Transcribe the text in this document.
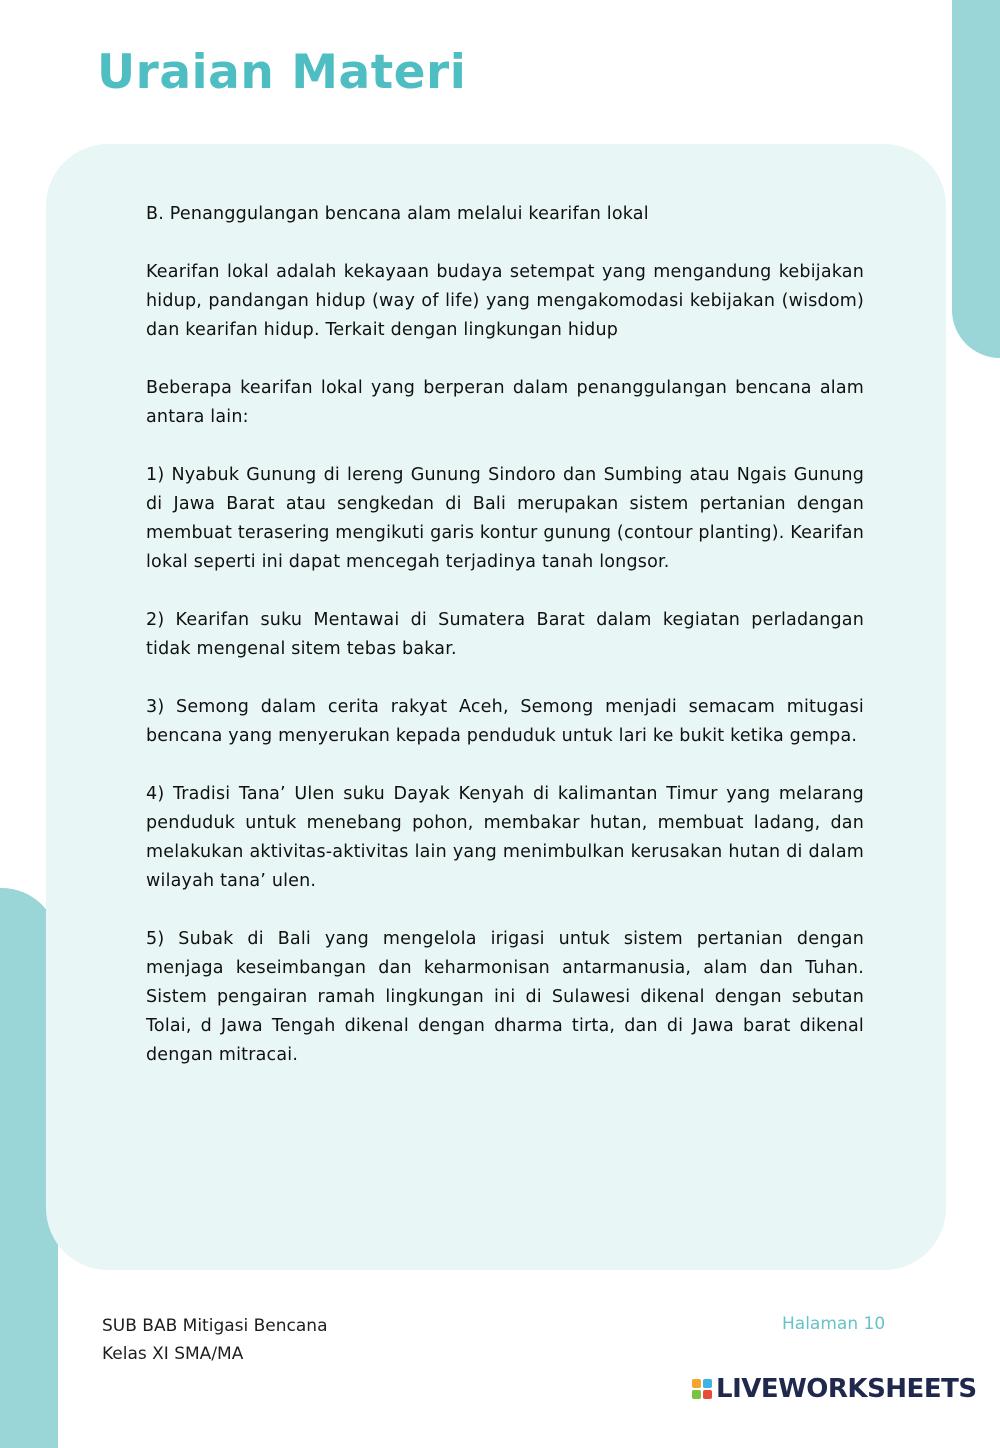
Uraian Materi

B. Penanggulangan bencana alam melalui kearifan lokal

Kearifan lokal adalah kekayaan budaya setempat yang mengandung kebijakan hidup, pandangan hidup (way of life) yang mengakomodasi kebijakan (wisdom) dan kearifan hidup. Terkait dengan lingkungan hidup

Beberapa kearifan lokal yang berperan dalam penanggulangan bencana alam antara lain:

1) Nyabuk Gunung di lereng Gunung Sindoro dan Sumbing atau Ngais Gunung di Jawa Barat atau sengkedan di Bali merupakan sistem pertanian dengan membuat terasering mengikuti garis kontur gunung (contour planting). Kearifan lokal seperti ini dapat mencegah terjadinya tanah longsor.

2) Kearifan suku Mentawai di Sumatera Barat dalam kegiatan perladangan tidak mengenal sitem tebas bakar.

3) Semong dalam cerita rakyat Aceh, Semong menjadi semacam mitugasi bencana yang menyerukan kepada penduduk untuk lari ke bukit ketika gempa.

4) Tradisi Tana’ Ulen suku Dayak Kenyah di kalimantan Timur yang melarang penduduk untuk menebang pohon, membakar hutan, membuat ladang, dan melakukan aktivitas-aktivitas lain yang menimbulkan kerusakan hutan di dalam wilayah tana’ ulen.

5) Subak di Bali yang mengelola irigasi untuk sistem pertanian dengan menjaga keseimbangan dan keharmonisan antarmanusia, alam dan Tuhan. Sistem pengairan ramah lingkungan ini di Sulawesi dikenal dengan sebutan Tolai, d Jawa Tengah dikenal dengan dharma tirta, dan di Jawa barat dikenal dengan mitracai.

SUB BAB Mitigasi Bencana
Kelas XI SMA/MA
Halaman 10
LIVEWORKSHEETS
